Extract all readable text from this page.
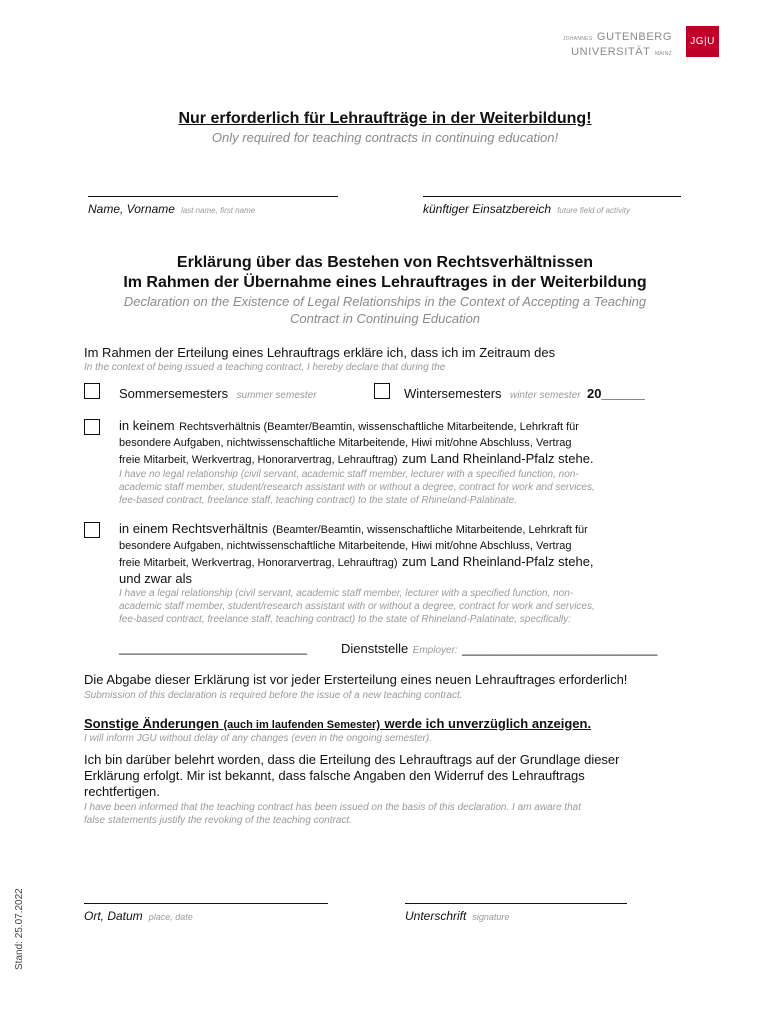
JOHANNES GUTENBERG
UNIVERSITÄT MAINZ
JG|U
Nur erforderlich für Lehraufträge in der Weiterbildung!
Only required for teaching contracts in continuing education!
Name, Vorname last name, first name	künftiger Einsatzbereich future field of activity
Erklärung über das Bestehen von Rechtsverhältnissen
Im Rahmen der Übernahme eines Lehrauftrages in der Weiterbildung
Declaration on the Existence of Legal Relationships in the Context of Accepting a Teaching
Contract in Continuing Education
Im Rahmen der Erteilung eines Lehrauftrags erkläre ich, dass ich im Zeitraum des
In the context of being issued a teaching contract, I hereby declare that during the
Sommersemesters summer semester	Wintersemesters winter semester 20______
in keinem Rechtsverhältnis (Beamter/Beamtin, wissenschaftliche Mitarbeitende, Lehrkraft für
besondere Aufgaben, nichtwissenschaftliche Mitarbeitende, Hiwi mit/ohne Abschluss, Vertrag
freie Mitarbeit, Werkvertrag, Honorarvertrag, Lehrauftrag) zum Land Rheinland-Pfalz stehe.
I have no legal relationship (civil servant, academic staff member, lecturer with a specified function, non-
academic staff member, student/research assistant with or without a degree, contract for work and services,
fee-based contract, freelance staff, teaching contract) to the state of Rhineland-Palatinate.
in einem Rechtsverhältnis (Beamter/Beamtin, wissenschaftliche Mitarbeitende, Lehrkraft für
besondere Aufgaben, nichtwissenschaftliche Mitarbeitende, Hiwi mit/ohne Abschluss, Vertrag
freie Mitarbeit, Werkvertrag, Honorarvertrag, Lehrauftrag) zum Land Rheinland-Pfalz stehe,
und zwar als
I have a legal relationship (civil servant, academic staff member, lecturer with a specified function, non-
academic staff member, student/research assistant with or without a degree, contract for work and services,
fee-based contract, freelance staff, teaching contract) to the state of Rhineland-Palatinate, specifically:
__________________________	Dienststelle Employer: ___________________________
Die Abgabe dieser Erklärung ist vor jeder Ersterteilung eines neuen Lehrauftrages erforderlich!
Submission of this declaration is required before the issue of a new teaching contract.
Sonstige Änderungen (auch im laufenden Semester) werde ich unverzüglich anzeigen.
I will inform JGU without delay of any changes (even in the ongoing semester).
Ich bin darüber belehrt worden, dass die Erteilung des Lehrauftrags auf der Grundlage dieser
Erklärung erfolgt. Mir ist bekannt, dass falsche Angaben den Widerruf des Lehrauftrags
rechtfertigen.
I have been informed that the teaching contract has been issued on the basis of this declaration. I am aware that
false statements justify the revoking of the teaching contract.
Ort, Datum place, date	Unterschrift signature
Stand: 25.07.2022
